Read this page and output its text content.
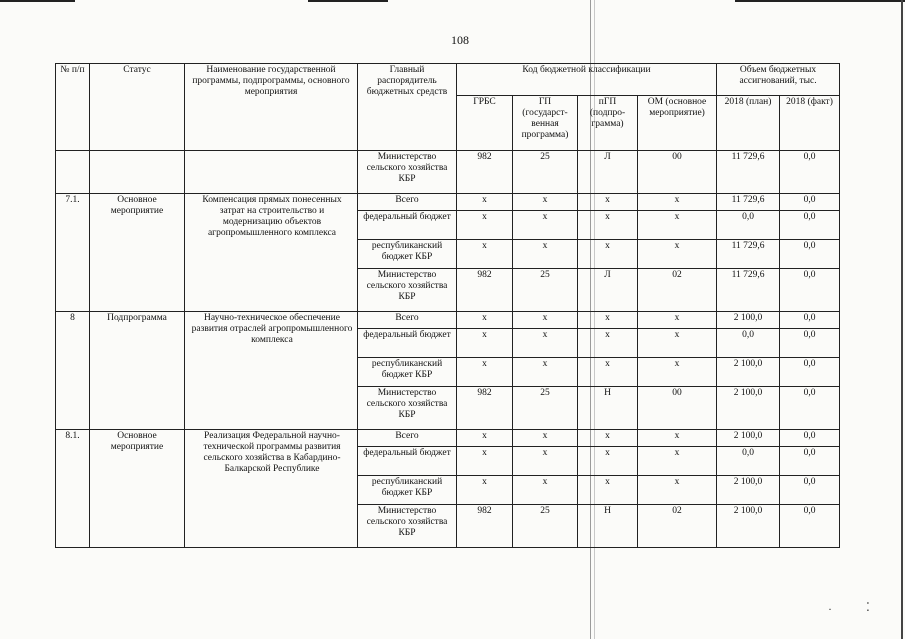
108
№ п/п	Статус	Наименование государственной программы, подпрограммы, основного мероприятия	Главный распорядитель бюджетных средств	Код бюджетной классификации				Объем бюджетных ассигнований, тыс.	
				ГРБС	ГП (государст-венная программа)	пГП (подпро-грамма)	ОМ (основное мероприятие)	2018 (план)	2018 (факт)
			Министерство сельского хозяйства КБР	982	25	Л	00	11 729,6	0,0
7.1.	Основное мероприятие	Компенсация прямых понесенных затрат на строительство и модернизацию объектов агропромышленного комплекса	Всего	х	х	х	х	11 729,6	0,0
			федеральный бюджет	х	х	х	х	0,0	0,0
			республиканский бюджет КБР	х	х	х	х	11 729,6	0,0
			Министерство сельского хозяйства КБР	982	25	Л	02	11 729,6	0,0
8	Подпрограмма	Научно-техническое обеспечение развития отраслей агропромышленного комплекса	Всего	х	х	х	х	2 100,0	0,0
			федеральный бюджет	х	х	х	х	0,0	0,0
			республиканский бюджет КБР	х	х	х	х	2 100,0	0,0
			Министерство сельского хозяйства КБР	982	25	Н	00	2 100,0	0,0
8.1.	Основное мероприятие	Реализация Федеральной научно-технической программы развития сельского хозяйства в Кабардино-Балкарской Республике	Всего	х	х	х	х	2 100,0	0,0
			федеральный бюджет	х	х	х	х	0,0	0,0
			республиканский бюджет КБР	х	х	х	х	2 100,0	0,0
			Министерство сельского хозяйства КБР	982	25	Н	02	2 100,0	0,0
·	⁚
